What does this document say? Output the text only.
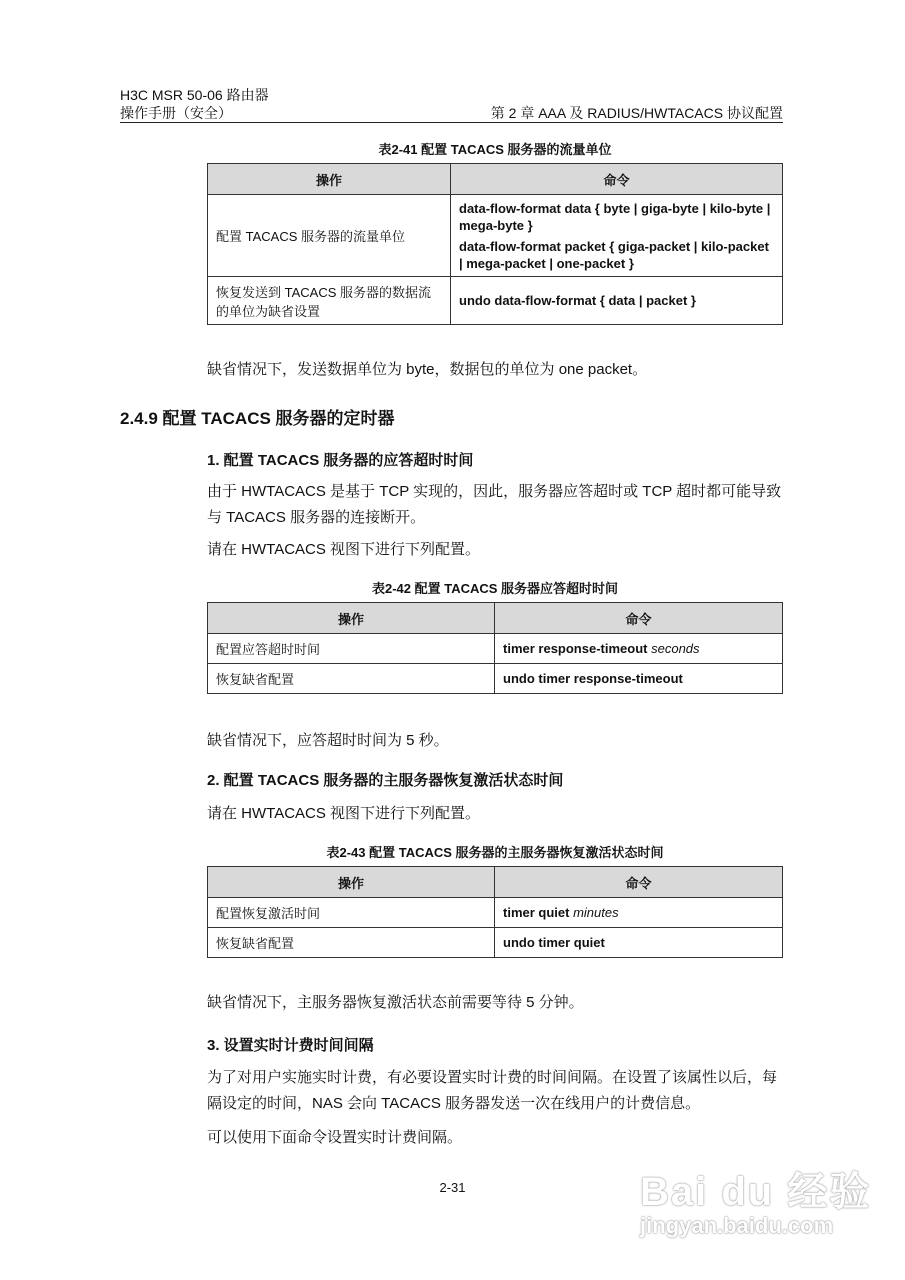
H3C MSR 50-06 路由器
操作手册（安全）	第 2 章 AAA 及 RADIUS/HWTACACS 协议配置
表2-41 配置 TACACS 服务器的流量单位
操作	命令
配置 TACACS 服务器的流量单位	data-flow-format data { byte | giga-byte | kilo-byte | mega-byte }
data-flow-format packet { giga-packet | kilo-packet | mega-packet | one-packet }

恢复发送到 TACACS 服务器的数据流的单位为缺省设置	undo data-flow-format { data | packet }
缺省情况下，发送数据单位为 byte，数据包的单位为 one packet。
2.4.9 配置 TACACS 服务器的定时器
1. 配置 TACACS 服务器的应答超时时间
由于 HWTACACS 是基于 TCP 实现的，因此，服务器应答超时或 TCP 超时都可能导致与 TACACS 服务器的连接断开。
请在 HWTACACS 视图下进行下列配置。
表2-42 配置 TACACS 服务器应答超时时间
操作	命令
配置应答超时时间	timer response-timeout seconds
恢复缺省配置	undo timer response-timeout
缺省情况下，应答超时时间为 5 秒。
2. 配置 TACACS 服务器的主服务器恢复激活状态时间
请在 HWTACACS 视图下进行下列配置。
表2-43 配置 TACACS 服务器的主服务器恢复激活状态时间
操作	命令
配置恢复激活时间	timer quiet minutes
恢复缺省配置	undo timer quiet
缺省情况下，主服务器恢复激活状态前需要等待 5 分钟。
3. 设置实时计费时间间隔
为了对用户实施实时计费，有必要设置实时计费的时间间隔。在设置了该属性以后，每隔设定的时间，NAS 会向 TACACS 服务器发送一次在线用户的计费信息。
可以使用下面命令设置实时计费间隔。
2-31	Bai du 经验
jingyan.baidu.com
